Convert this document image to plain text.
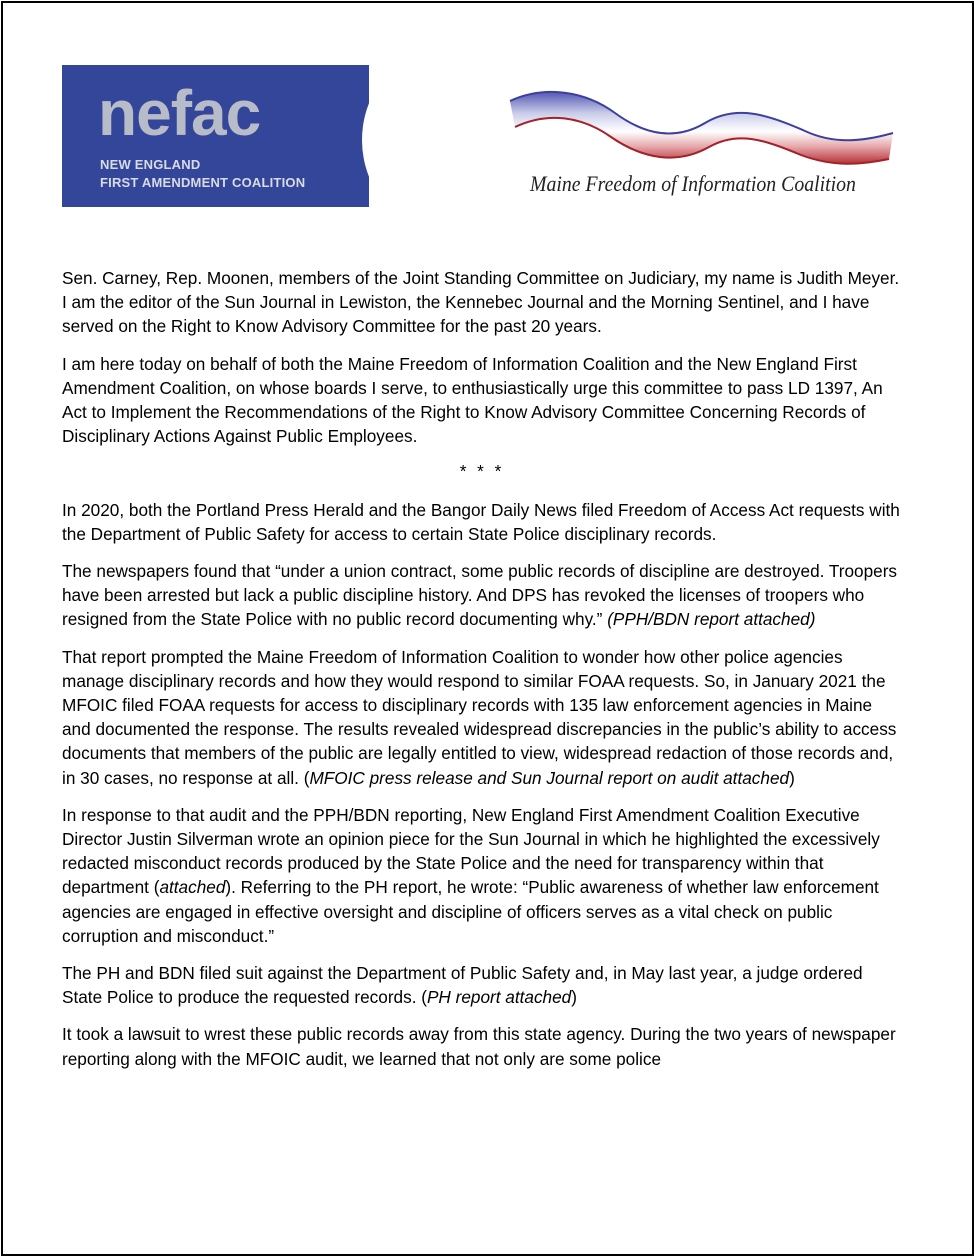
nefac
NEW ENGLAND
FIRST AMENDMENT COALITION	Maine Freedom of Information Coalition

Sen. Carney, Rep. Moonen, members of the Joint Standing Committee on Judiciary, my name is Judith Meyer. I am the editor of the Sun Journal in Lewiston, the Kennebec Journal and the Morning Sentinel, and I have served on the Right to Know Advisory Committee for the past 20 years.

I am here today on behalf of both the Maine Freedom of Information Coalition and the New England First Amendment Coalition, on whose boards I serve, to enthusiastically urge this committee to pass LD 1397, An Act to Implement the Recommendations of the Right to Know Advisory Committee Concerning Records of Disciplinary Actions Against Public Employees.

* * *

In 2020, both the Portland Press Herald and the Bangor Daily News filed Freedom of Access Act requests with the Department of Public Safety for access to certain State Police disciplinary records.

The newspapers found that “under a union contract, some public records of discipline are destroyed. Troopers have been arrested but lack a public discipline history. And DPS has revoked the licenses of troopers who resigned from the State Police with no public record documenting why.” (PPH/BDN report attached)

That report prompted the Maine Freedom of Information Coalition to wonder how other police agencies manage disciplinary records and how they would respond to similar FOAA requests. So, in January 2021 the MFOIC filed FOAA requests for access to disciplinary records with 135 law enforcement agencies in Maine and documented the response. The results revealed widespread discrepancies in the public’s ability to access documents that members of the public are legally entitled to view, widespread redaction of those records and, in 30 cases, no response at all. (MFOIC press release and Sun Journal report on audit attached)

In response to that audit and the PPH/BDN reporting, New England First Amendment Coalition Executive Director Justin Silverman wrote an opinion piece for the Sun Journal in which he highlighted the excessively redacted misconduct records produced by the State Police and the need for transparency within that department (attached). Referring to the PH report, he wrote: “Public awareness of whether law enforcement agencies are engaged in effective oversight and discipline of officers serves as a vital check on public corruption and misconduct.”

The PH and BDN filed suit against the Department of Public Safety and, in May last year, a judge ordered State Police to produce the requested records. (PH report attached)

It took a lawsuit to wrest these public records away from this state agency. During the two years of newspaper reporting along with the MFOIC audit, we learned that not only are some police
